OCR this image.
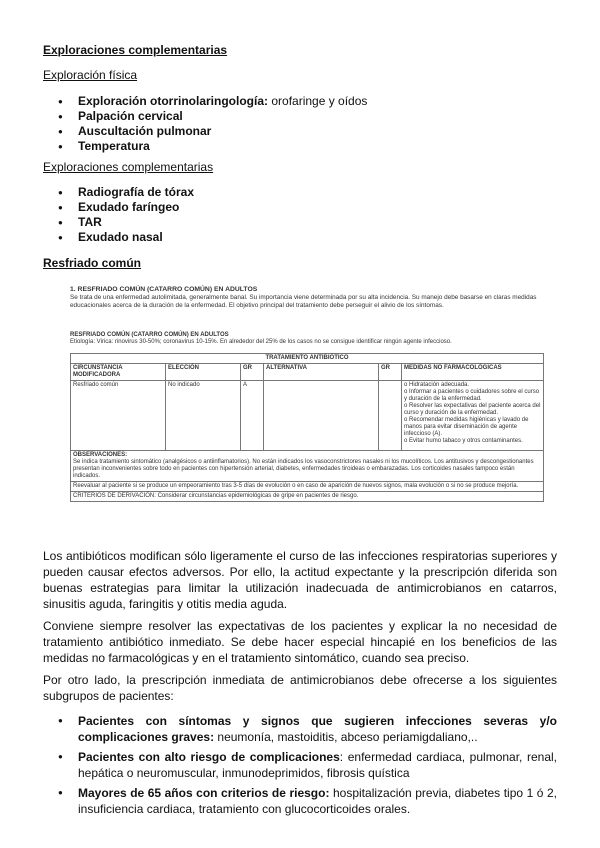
Exploraciones complementarias
Exploración física
● Exploración otorrinolaringología: orofaringe y oídos
● Palpación cervical
● Auscultación pulmonar
● Temperatura
Exploraciones complementarias
● Radiografía de tórax
● Exudado faríngeo
● TAR
● Exudado nasal
Resfriado común
1. RESFRIADO COMÚN (CATARRO COMÚN) EN ADULTOS
Se trata de una enfermedad autolimitada, generalmente banal. Su importancia viene determinada por su alta incidencia. Su manejo debe basarse en claras medidas educacionales acerca de la duración de la enfermedad. El objetivo principal del tratamiento debe perseguir el alivio de los síntomas.
RESFRIADO COMÚN (CATARRO COMÚN) EN ADULTOS
Etiología: Virica: rinovirus 30-50%; coronavirus 10-15%. En alrededor del 25% de los casos no se consigue identificar ningún agente infeccioso.
TRATAMIENTO ANTIBIÓTICO					
CIRCUNSTANCIA MODIFICADORA	ELECCIÓN	GR	ALTERNATIVA	GR	MEDIDAS NO FARMACOLÓGICAS
Resfriado común	No indicado	A			o Hidratación adecuada.
o Informar a pacientes o cuidadores sobre el curso y duración de la enfermedad.
o Resolver las expectativas del paciente acerca del curso y duración de la enfermedad.
o Recomendar medidas higiénicas y lavado de manos para evitar diseminación de agente infeccioso (A).
o Evitar humo tabaco y otros contaminantes.

OBSERVACIONES:
Se indica tratamiento sintomático (analgésicos o antiinflamatorios). No están indicados los vasoconstrictores nasales ni los mucolíticos. Los antitusivos y descongestionantes presentan inconvenientes sobre todo en pacientes con hipertensión arterial, diabetes, enfermedades tiroideas o embarazadas. Los corticoides nasales tampoco están indicados.					

Reevaluar al paciente si se produce un empeoramiento tras 3-5 días de evolución o en caso de aparición de nuevos signos, mala evolución o si no se produce mejoría.					
CRITERIOS DE DERIVACIÓN: Considerar circunstancias epidemiológicas de gripe en pacientes de riesgo.					
Los antibióticos modifican sólo ligeramente el curso de las infecciones respiratorias superiores y pueden causar efectos adversos. Por ello, la actitud expectante y la prescripción diferida son buenas estrategias para limitar la utilización inadecuada de antimicrobianos en catarros, sinusitis aguda, faringitis y otitis media aguda.
Conviene siempre resolver las expectativas de los pacientes y explicar la no necesidad de tratamiento antibiótico inmediato. Se debe hacer especial hincapié en los beneficios de las medidas no farmacológicas y en el tratamiento sintomático, cuando sea preciso.
Por otro lado, la prescripción inmediata de antimicrobianos debe ofrecerse a los siguientes subgrupos de pacientes:
● Pacientes con síntomas y signos que sugieren infecciones severas y/o complicaciones graves: neumonía, mastoiditis, abceso periamigdaliano,..
● Pacientes con alto riesgo de complicaciones: enfermedad cardiaca, pulmonar, renal, hepática o neuromuscular, inmunodeprimidos, fibrosis quística
● Mayores de 65 años con criterios de riesgo: hospitalización previa, diabetes tipo 1 ó 2, insuficiencia cardiaca, tratamiento con glucocorticoides orales.
